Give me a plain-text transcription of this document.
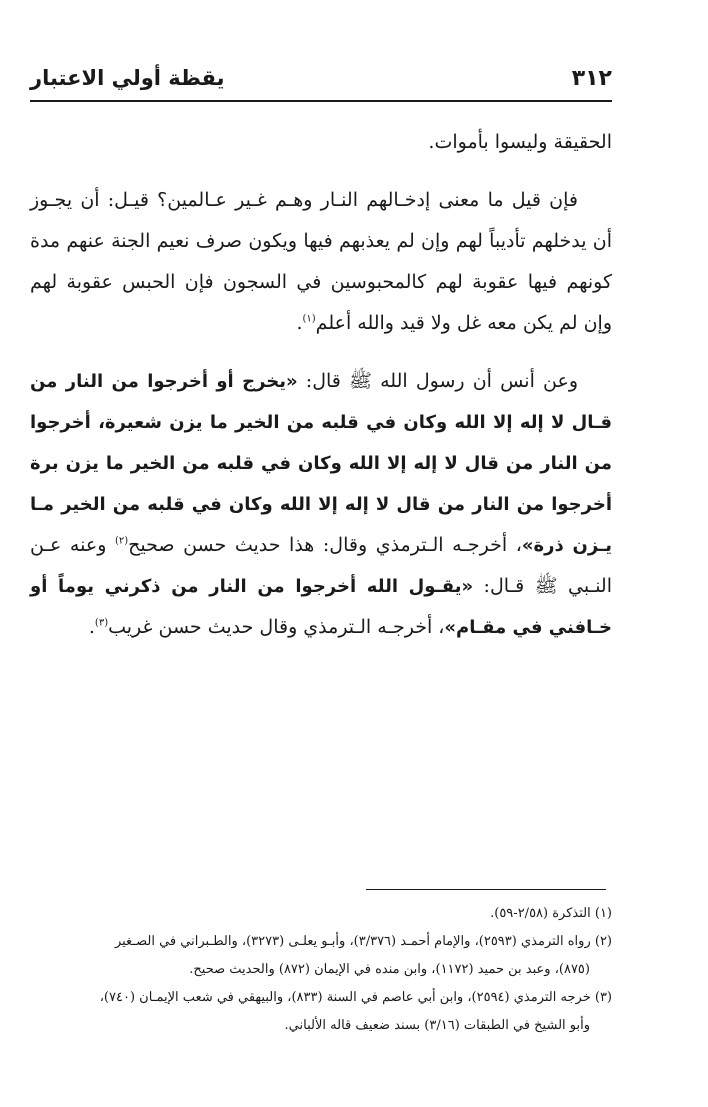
٣١٢
يقظة أولي الاعتبار

الحقيقة وليسوا بأموات.

فإن قيل ما معنى إدخـالهم النـار وهـم غـير عـالمين؟ قيـل: أن يجـوز أن يدخلهم تأديباً لهم وإن لم يعذبهم فيها ويكون صرف نعيم الجنة عنهم مدة كونهم فيها عقوبة لهم كالمحبوسين في السجون فإن الحبس عقوبة لهم وإن لم يكن معه غل ولا قيد والله أعلم$^{(١)}$.

وعن أنس أن رسول الله ﷺ قال: «يخرج أو أخرجوا من النار من قـال لا إله إلا الله وكان في قلبه من الخير ما يزن شعيرة، أخرجوا من النار من قال لا إله إلا الله وكان في قلبه من الخير ما يزن برة أخرجوا من النار من قال لا إله إلا الله وكان في قلبه من الخير مـا يـزن ذرة»، أخرجـه الـترمذي وقال: هذا حديث حسن صحيح$^{(٢)}$ وعنه عـن النـبي ﷺ قـال: «يقـول الله أخرجوا من النار من ذكرني يوماً أو خـافني في مقـام»، أخرجـه الـترمذي وقال حديث حسن غريب$^{(٣)}$.

(١) التذكرة (٢/٥٨-٥٩).

(٢) رواه الترمذي (٢٥٩٣)، والإمام أحمـد (٣/٣٧٦)، وأبـو يعلـى (٣٢٧٣)، والطـبراني في الصـغير

(٨٧٥)، وعبد بن حميد (١١٧٢)، وابن منده في الإيمان (٨٧٢) والحديث صحيح.

(٣) خرجه الترمذي (٢٥٩٤)، وابن أبي عاصم في السنة (٨٣٣)، والبيهقي في شعب الإيمـان (٧٤٠)،

وأبو الشيخ في الطبقات (٣/١٦) بسند ضعيف قاله الألباني.
